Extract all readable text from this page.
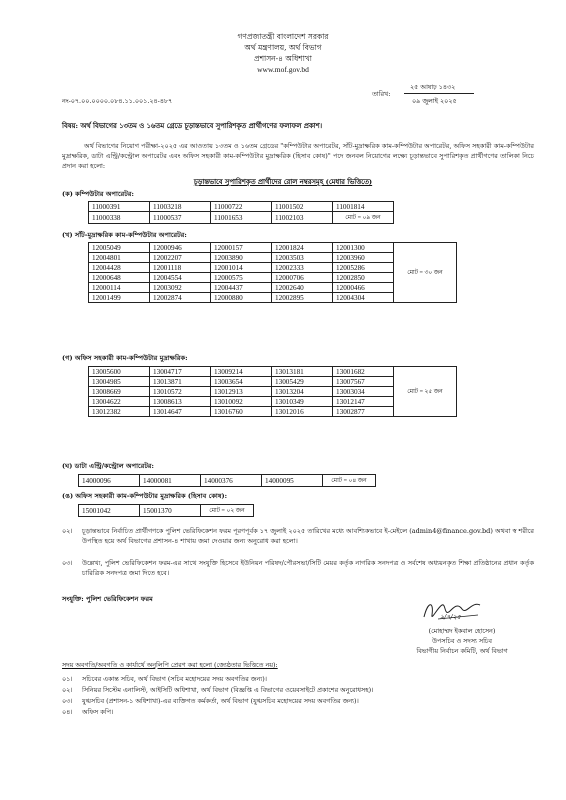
গণপ্রজাতন্ত্রী বাংলাদেশ সরকার
অর্থ মন্ত্রণালয়, অর্থ বিভাগ
প্রশাসন-৪ অধিশাখা
www.mof.gov.bd
নং-০৭.০০.০০০০.০৮৪.১১.০০১.২৪-৪৮৭
২৫ আষাঢ় ১৪৩২
তারিখ:
০৯ জুলাই ২০২৫
বিষয়: অর্থ বিভাগের ১৩তম ও ১৬তম গ্রেডে চূড়ান্তভাবে সুপারিশকৃত প্রার্থীগণের ফলাফল প্রকাশ।

অর্থ বিভাগের নিয়োগ পরীক্ষা-২০২৫ এর আওতায় ১৩তম ও ১৬তম গ্রেডের "কম্পিউটার অপারেটর, সাঁট-মুদ্রাক্ষরিক কাম-কম্পিউটার অপারেটর, অফিস সহকারী কাম-কম্পিউটার মুদ্রাক্ষরিক, ডাটা এন্ট্রি/কন্ট্রোল অপারেটর এবং অফিস সহকারী কাম-কম্পিউটার মুদ্রাক্ষরিক (হিসাব কোষ)" পদে জনবল নিয়োগের লক্ষ্যে চূড়ান্তভাবে সুপারিশকৃত প্রার্থীগণের তালিকা নিচে প্রদান করা হলো:

চূড়ান্তভাবে সুপারিশকৃত প্রার্থীদের রোল নম্বরসমূহ (মেধার ভিত্তিতে)
(ক) কম্পিউটার অপারেটর:
11000391	11003218	11000722	11001502	11001814
11000338	11000537	11001653	11002103	মোট = ০৯ জন
(খ) সাঁট-মুদ্রাক্ষরিক কাম-কম্পিউটার অপারেটর:
12005049	12000946	12000157	12001824	12001300	মোট = ৩০ জন
12004801	12002207	12003890	12003503	12003960	
12004428	12001118	12001014	12002333	12005286	
12000648	12004554	12000575	12000706	12002850	
12000114	12003092	12004437	12002640	12000466	
12001499	12002874	12000880	12002895	12004304	
(গ) অফিস সহকারী কাম-কম্পিউটার মুদ্রাক্ষরিক:
13005600	13004717	13009214	13013181	13001682	মোট = ২৫ জন
13004985	13013871	13003654	13005429	13007567	
13008669	13010572	13012913	13013204	13003034	
13004622	13008613	13010092	13010349	13012147	
13012382	13014647	13016760	13012016	13002877	
(ঘ) ডাটা এন্ট্রি/কন্ট্রোল অপারেটর:
14000096	14000081	14000376	14000095	মোট = ০৪ জন
(ঙ) অফিস সহকারী কাম-কম্পিউটার মুদ্রাক্ষরিক (হিসাব কোষ):
15001042	15001370	মোট = ০২ জন
০২। চূড়ান্তভাবে নির্বাচিত প্রার্থীগণকে পুলিশ ভেরিফিকেশন ফরম পূরণপূর্বক ১৭ জুলাই ২০২৫ তারিখের মধ্যে আবশ্যিকভাবে ই-মেইলে (admin4@finance.gov.bd) অথবা স্ব শরীরে উপস্থিত হয়ে অর্থ বিভাগের প্রশাসন-৪ শাখায় জমা দেওয়ার জন্য অনুরোধ করা হলো।

০৩। উল্লেখ্য, পুলিশ ভেরিফিকেশন ফরম-এর সাথে সংযুক্তি হিসেবে ইউনিয়ন পরিষদ/পৌরসভা/সিটি মেয়র কর্তৃক নাগরিক সনদপত্র ও সর্বশেষ অধ্যয়নকৃত শিক্ষা প্রতিষ্ঠানের প্রধান কর্তৃক চারিত্রিক সনদপত্র জমা দিতে হবে।

সংযুক্তি: পুলিশ ভেরিফিকেশন ফরম
৯/৭/২৫
(মোহাম্মদ ইকবাল হোসেন)
উপসচিব ও সদস্য সচিব
বিভাগীয় নির্বাচন কমিটি, অর্থ বিভাগ
সদয় অবগতি/অবগতি ও কার্যার্থে অনুলিপি প্রেরণ করা হলো (জ্যেষ্ঠতার ভিত্তিতে নয়):
০১। সচিবের একান্ত সচিব, অর্থ বিভাগ (সচিব মহোদয়ের সদয় অবগতির জন্য)।
০২। সিনিয়র সিস্টেম এনালিস্ট, আইসিটি অধিশাখা, অর্থ বিভাগ (বিজ্ঞপ্তি এ বিভাগের ওয়েবসাইটে প্রকাশের অনুরোধসহ)।
০৩। যুগ্মসচিব (প্রশাসন-১ অধিশাখা)-এর ব্যক্তিগত কর্মকর্তা, অর্থ বিভাগ (যুগ্মসচিব মহোদয়ের সদয় অবগতির জন্য)।
০৪। অফিস কপি।
